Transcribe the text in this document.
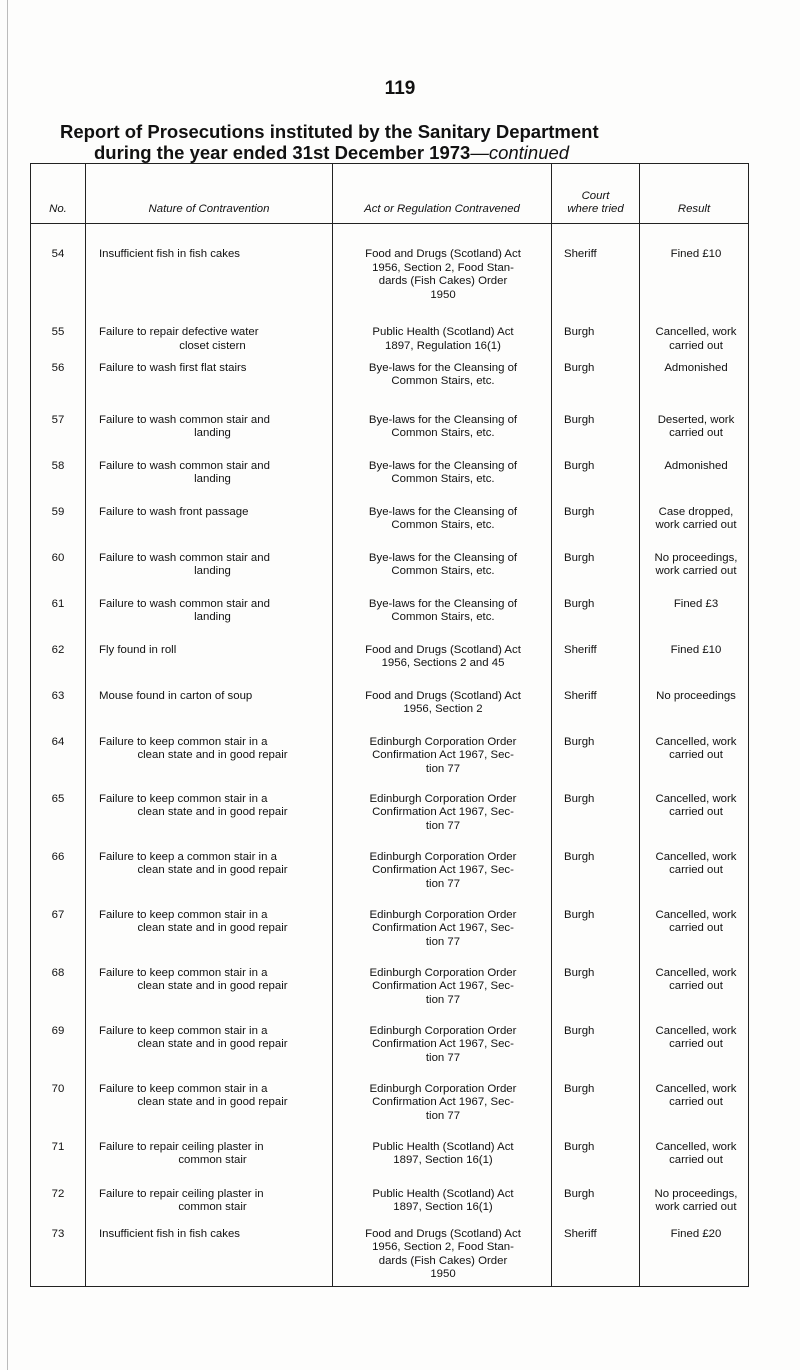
119
Report of Prosecutions instituted by the Sanitary Department
during the year ended 31st December 1973—continued
No.	Nature of Contravention	Act or Regulation Contravened	Court
where tried	Result
54	Insufficient fish in fish cakes	Food and Drugs (Scotland) Act
1956, Section 2, Food Stan-
dards (Fish Cakes) Order
1950	Sheriff	Fined £10

55	Failure to repair defective water
closet cistern	Public Health (Scotland) Act
1897, Regulation 16(1)	Burgh	Cancelled, work
carried out

56	Failure to wash first flat stairs	Bye-laws for the Cleansing of
Common Stairs, etc.	Burgh	Admonished

57	Failure to wash common stair and
landing	Bye-laws for the Cleansing of
Common Stairs, etc.	Burgh	Deserted, work
carried out

58	Failure to wash common stair and
landing	Bye-laws for the Cleansing of
Common Stairs, etc.	Burgh	Admonished

59	Failure to wash front passage	Bye-laws for the Cleansing of
Common Stairs, etc.	Burgh	Case dropped,
work carried out

60	Failure to wash common stair and
landing	Bye-laws for the Cleansing of
Common Stairs, etc.	Burgh	No proceedings,
work carried out

61	Failure to wash common stair and
landing	Bye-laws for the Cleansing of
Common Stairs, etc.	Burgh	Fined £3

62	Fly found in roll	Food and Drugs (Scotland) Act
1956, Sections 2 and 45	Sheriff	Fined £10

63	Mouse found in carton of soup	Food and Drugs (Scotland) Act
1956, Section 2	Sheriff	No proceedings

64	Failure to keep common stair in a
clean state and in good repair	Edinburgh Corporation Order
Confirmation Act 1967, Sec-
tion 77	Burgh	Cancelled, work
carried out

65	Failure to keep common stair in a
clean state and in good repair	Edinburgh Corporation Order
Confirmation Act 1967, Sec-
tion 77	Burgh	Cancelled, work
carried out

66	Failure to keep a common stair in a
clean state and in good repair	Edinburgh Corporation Order
Confirmation Act 1967, Sec-
tion 77	Burgh	Cancelled, work
carried out

67	Failure to keep common stair in a
clean state and in good repair	Edinburgh Corporation Order
Confirmation Act 1967, Sec-
tion 77	Burgh	Cancelled, work
carried out

68	Failure to keep common stair in a
clean state and in good repair	Edinburgh Corporation Order
Confirmation Act 1967, Sec-
tion 77	Burgh	Cancelled, work
carried out

69	Failure to keep common stair in a
clean state and in good repair	Edinburgh Corporation Order
Confirmation Act 1967, Sec-
tion 77	Burgh	Cancelled, work
carried out

70	Failure to keep common stair in a
clean state and in good repair	Edinburgh Corporation Order
Confirmation Act 1967, Sec-
tion 77	Burgh	Cancelled, work
carried out

71	Failure to repair ceiling plaster in
common stair	Public Health (Scotland) Act
1897, Section 16(1)	Burgh	Cancelled, work
carried out

72	Failure to repair ceiling plaster in
common stair	Public Health (Scotland) Act
1897, Section 16(1)	Burgh	No proceedings,
work carried out

73	Insufficient fish in fish cakes	Food and Drugs (Scotland) Act
1956, Section 2, Food Stan-
dards (Fish Cakes) Order
1950	Sheriff	Fined £20
